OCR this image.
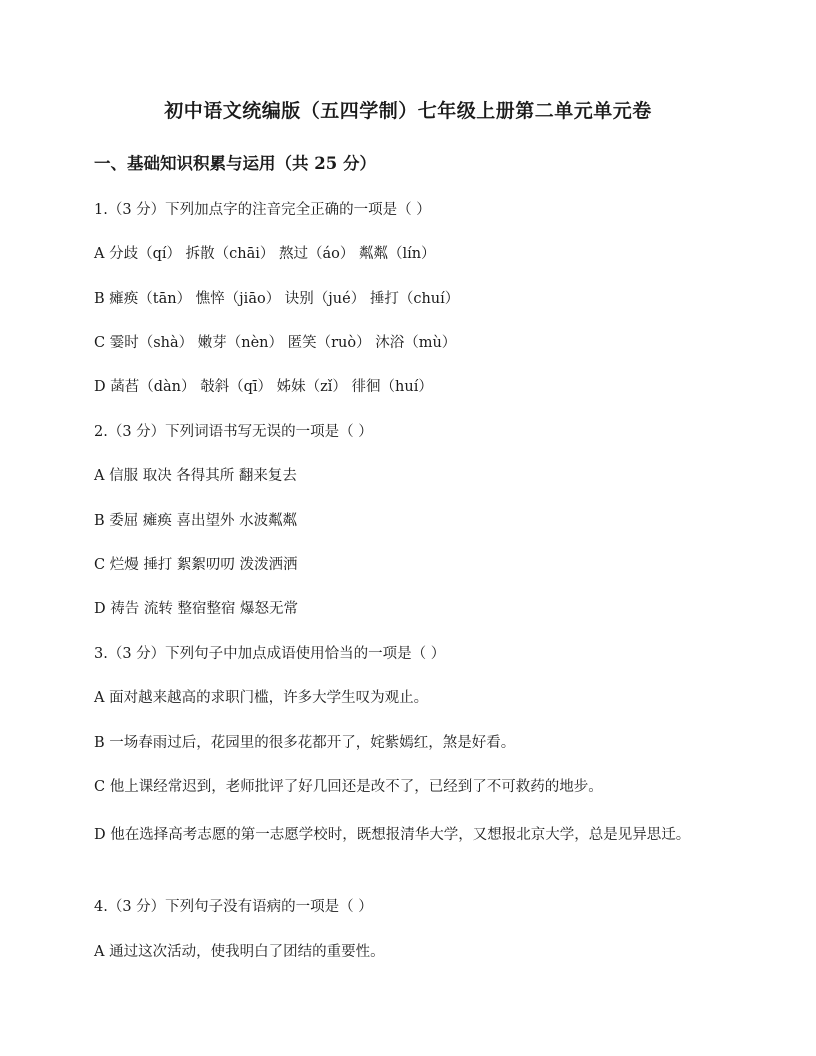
初中语文统编版（五四学制）七年级上册第二单元单元卷
一、基础知识积累与运用（共 25 分）
1.（3 分）下列加点字的注音完全正确的一项是（ ）
A 分歧（qí） 拆散（chāi） 熬过（áo） 粼粼（lín）
B 瘫痪（tān） 憔悴（jiāo） 诀别（jué） 捶打（chuí）
C 霎时（shà） 嫩芽（nèn） 匿笑（ruò） 沐浴（mù）
D 菡萏（dàn） 攲斜（qī） 姊妹（zǐ） 徘徊（huí）
2.（3 分）下列词语书写无误的一项是（ ）
A 信服 取决 各得其所 翻来复去
B 委屈 瘫痪 喜出望外 水波粼粼
C 烂熳 捶打 絮絮叨叨 泼泼洒洒
D 祷告 流转 整宿整宿 爆怒无常
3.（3 分）下列句子中加点成语使用恰当的一项是（ ）
A 面对越来越高的求职门槛，许多大学生叹为观止。
B 一场春雨过后，花园里的很多花都开了，姹紫嫣红，煞是好看。
C 他上课经常迟到，老师批评了好几回还是改不了，已经到了不可救药的地步。
D 他在选择高考志愿的第一志愿学校时，既想报清华大学，又想报北京大学，总是见异思迁。
4.（3 分）下列句子没有语病的一项是（ ）
A 通过这次活动，使我明白了团结的重要性。
